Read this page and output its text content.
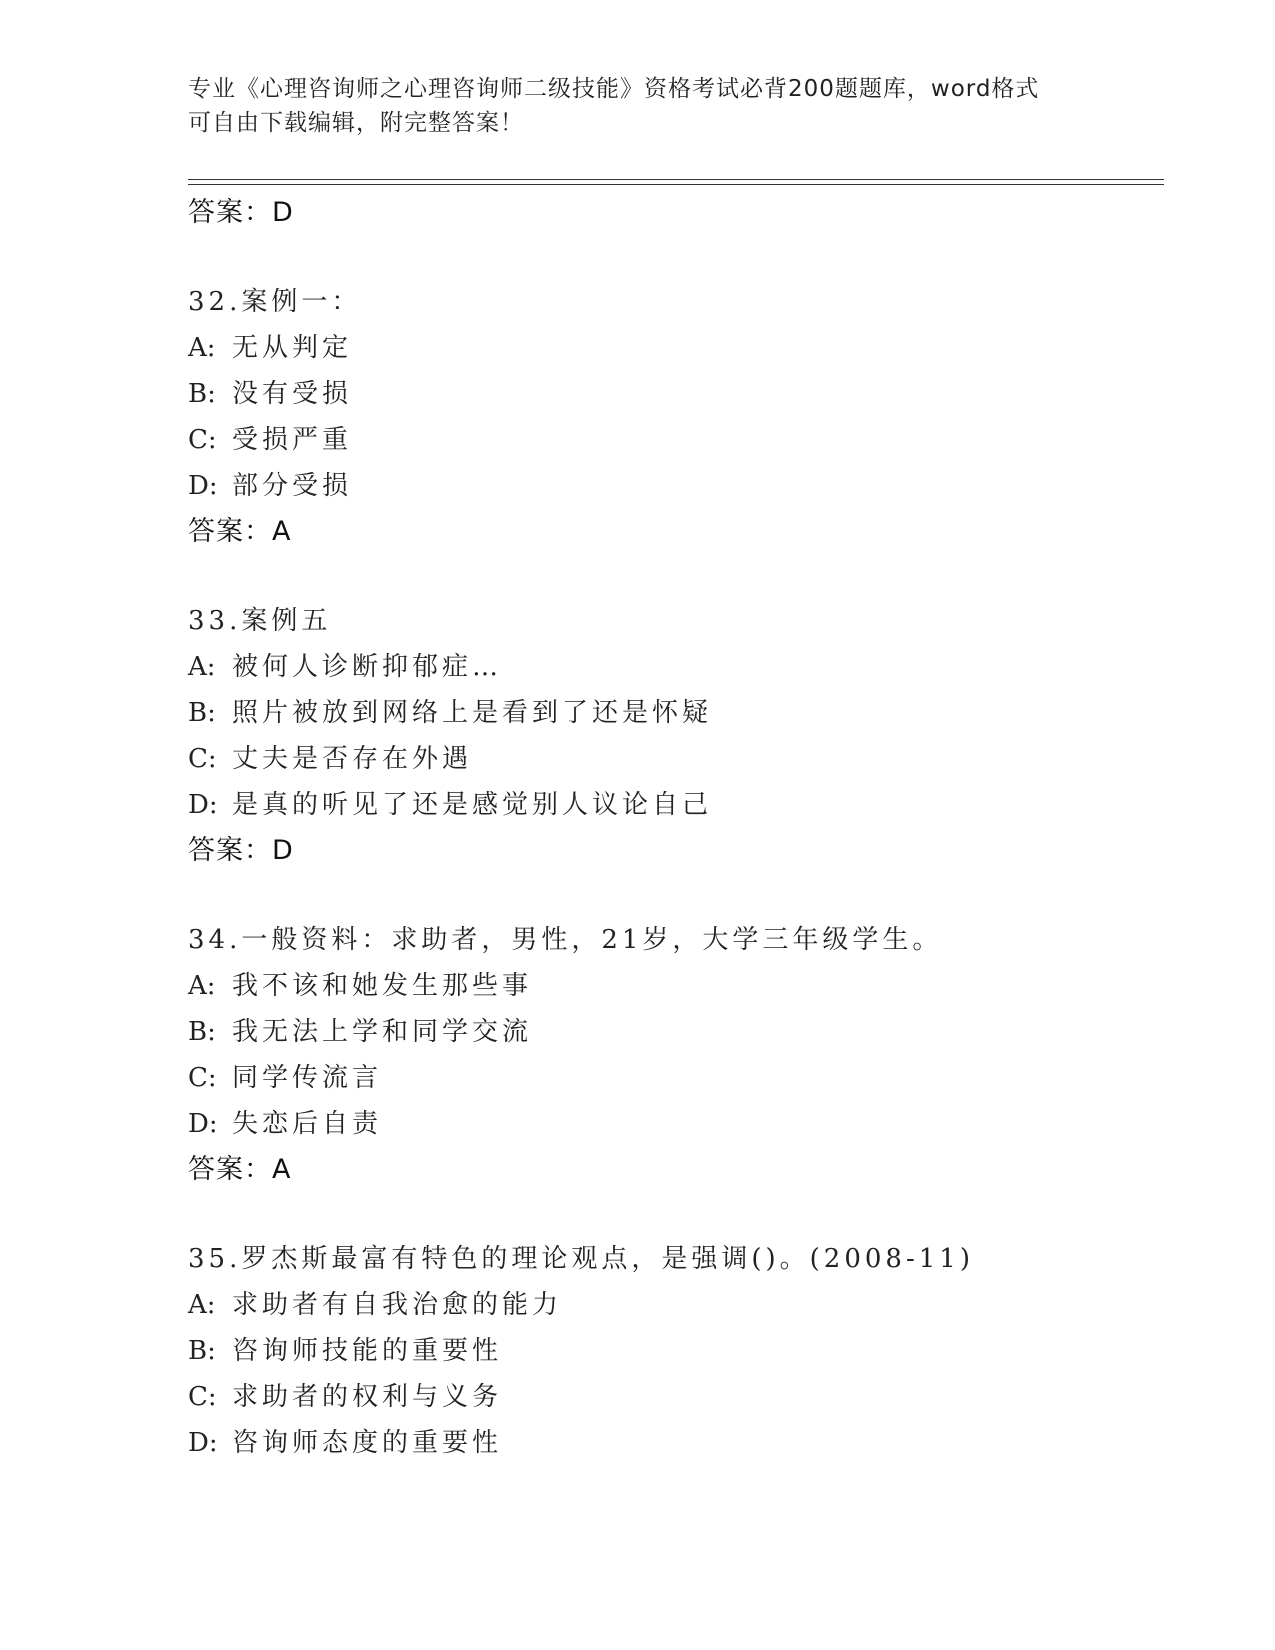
专业《心理咨询师之心理咨询师二级技能》资格考试必背200题题库，word格式
可自由下载编辑，附完整答案！
答案：D
32.案例一：
A: 无从判定
B: 没有受损
C: 受损严重
D: 部分受损
答案：A
33.案例五
A: 被何人诊断抑郁症…
B: 照片被放到网络上是看到了还是怀疑
C: 丈夫是否存在外遇
D: 是真的听见了还是感觉别人议论自己
答案：D
34.一般资料：求助者，男性，21岁，大学三年级学生。
A: 我不该和她发生那些事
B: 我无法上学和同学交流
C: 同学传流言
D: 失恋后自责
答案：A
35.罗杰斯最富有特色的理论观点，是强调()。(2008-11)
A: 求助者有自我治愈的能力
B: 咨询师技能的重要性
C: 求助者的权利与义务
D: 咨询师态度的重要性
